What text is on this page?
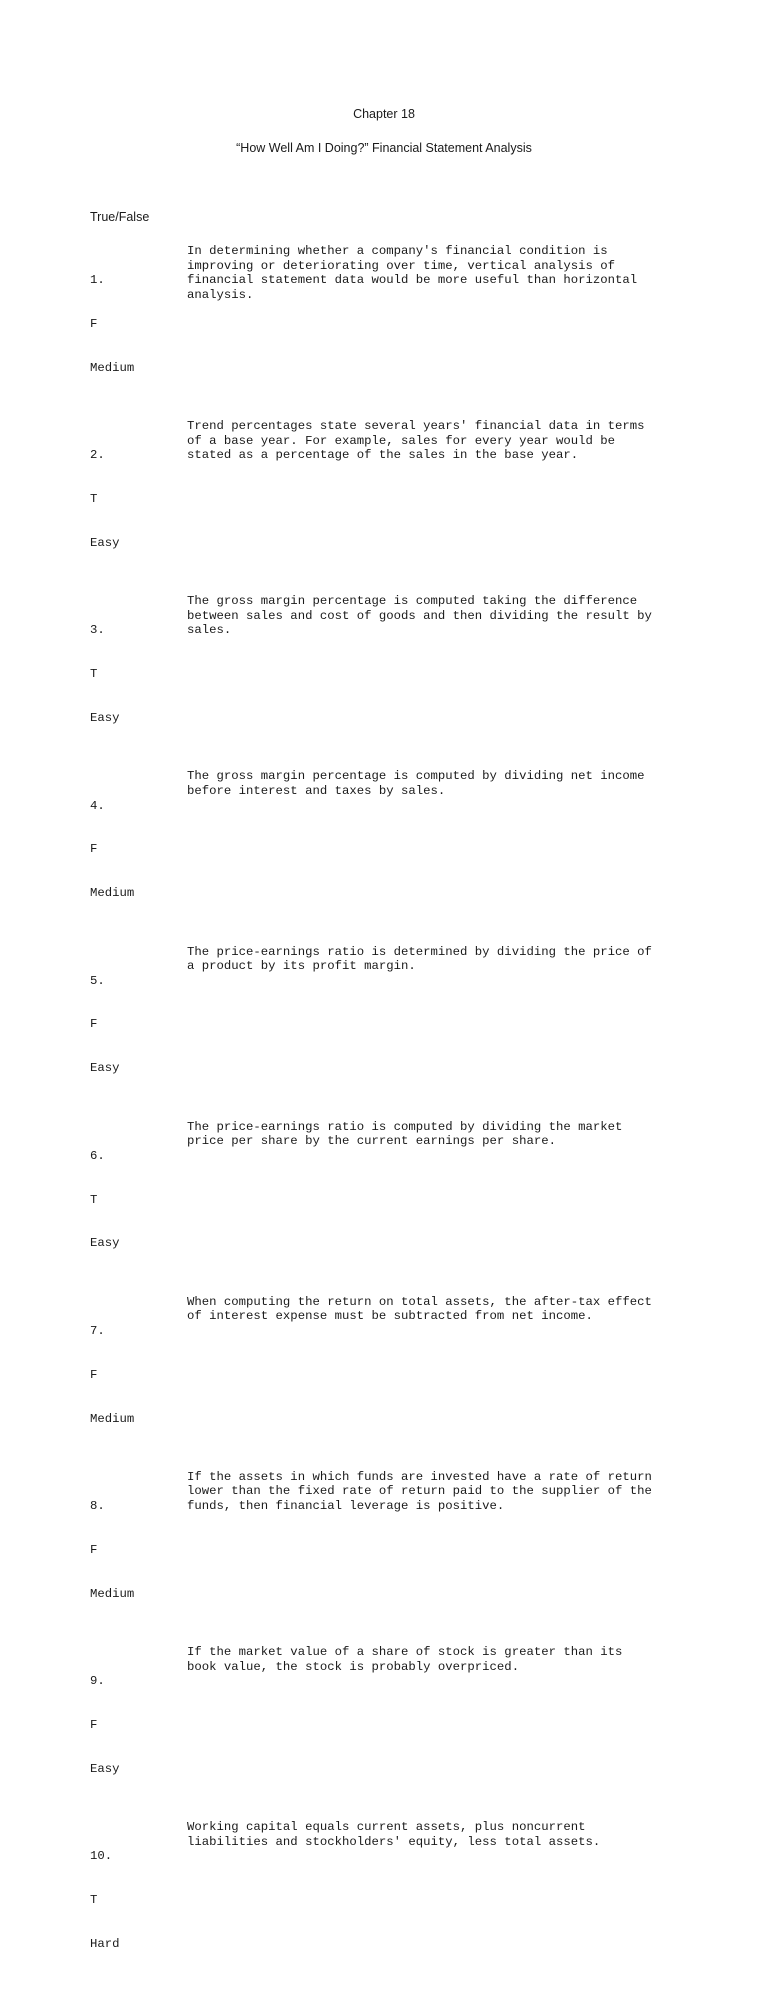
Chapter 18
“How Well Am I Doing?” Financial Statement Analysis
True/False

1.

F

Medium

In determining whether a company's financial condition is
improving or deteriorating over time, vertical analysis of
financial statement data would be more useful than horizontal
analysis.

2.

T

Easy

Trend percentages state several years' financial data in terms
of a base year. For example, sales for every year would be
stated as a percentage of the sales in the base year.

3.

T

Easy

The gross margin percentage is computed taking the difference
between sales and cost of goods and then dividing the result by
sales.

4.

F

Medium

The gross margin percentage is computed by dividing net income
before interest and taxes by sales.

5.

F

Easy

The price-earnings ratio is determined by dividing the price of
a product by its profit margin.

6.

T

Easy

The price-earnings ratio is computed by dividing the market
price per share by the current earnings per share.

7.

F

Medium

When computing the return on total assets, the after-tax effect
of interest expense must be subtracted from net income.

8.

F

Medium

If the assets in which funds are invested have a rate of return
lower than the fixed rate of return paid to the supplier of the
funds, then financial leverage is positive.

9.

F

Easy

If the market value of a share of stock is greater than its
book value, the stock is probably overpriced.

10.

T

Hard

Working capital equals current assets, plus noncurrent
liabilities and stockholders' equity, less total assets.
